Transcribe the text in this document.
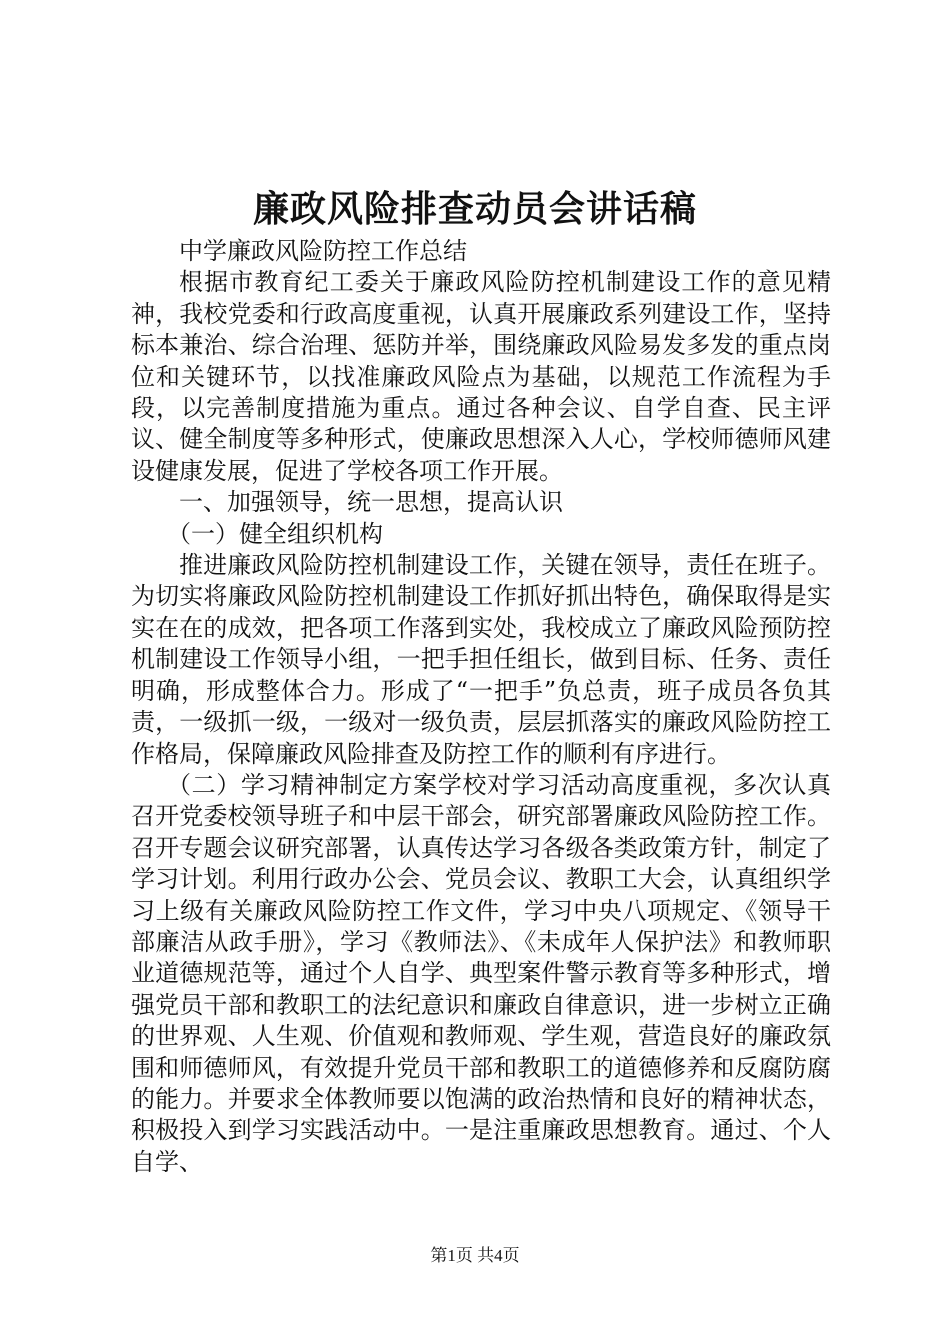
廉政风险排查动员会讲话稿

中学廉政风险防控工作总结

根据市教育纪工委关于廉政风险防控机制建设工作的意见精神，我校党委和行政高度重视，认真开展廉政系列建设工作，坚持标本兼治、综合治理、惩防并举，围绕廉政风险易发多发的重点岗位和关键环节，以找准廉政风险点为基础，以规范工作流程为手段，以完善制度措施为重点。通过各种会议、自学自查、民主评议、健全制度等多种形式，使廉政思想深入人心，学校师德师风建设健康发展，促进了学校各项工作开展。

一、加强领导，统一思想，提高认识

（一）健全组织机构

推进廉政风险防控机制建设工作，关键在领导，责任在班子。为切实将廉政风险防控机制建设工作抓好抓出特色，确保取得是实实在在的成效，把各项工作落到实处，我校成立了廉政风险预防控机制建设工作领导小组，一把手担任组长，做到目标、任务、责任明确，形成整体合力。形成了“一把手”负总责，班子成员各负其责，一级抓一级，一级对一级负责，层层抓落实的廉政风险防控工作格局，保障廉政风险排查及防控工作的顺利有序进行。

（二）学习精神制定方案学校对学习活动高度重视，多次认真召开党委校领导班子和中层干部会，研究部署廉政风险防控工作。召开专题会议研究部署，认真传达学习各级各类政策方针，制定了学习计划。利用行政办公会、党员会议、教职工大会，认真组织学习上级有关廉政风险防控工作文件，学习中央八项规定、《领导干部廉洁从政手册》，学习《教师法》、《未成年人保护法》和教师职业道德规范等，通过个人自学、典型案件警示教育等多种形式，增强党员干部和教职工的法纪意识和廉政自律意识，进一步树立正确的世界观、人生观、价值观和教师观、学生观，营造良好的廉政氛围和师德师风，有效提升党员干部和教职工的道德修养和反腐防腐的能力。并要求全体教师要以饱满的政治热情和良好的精神状态，积极投入到学习实践活动中。一是注重廉政思想教育。通过、个人自学、

第1页 共4页
